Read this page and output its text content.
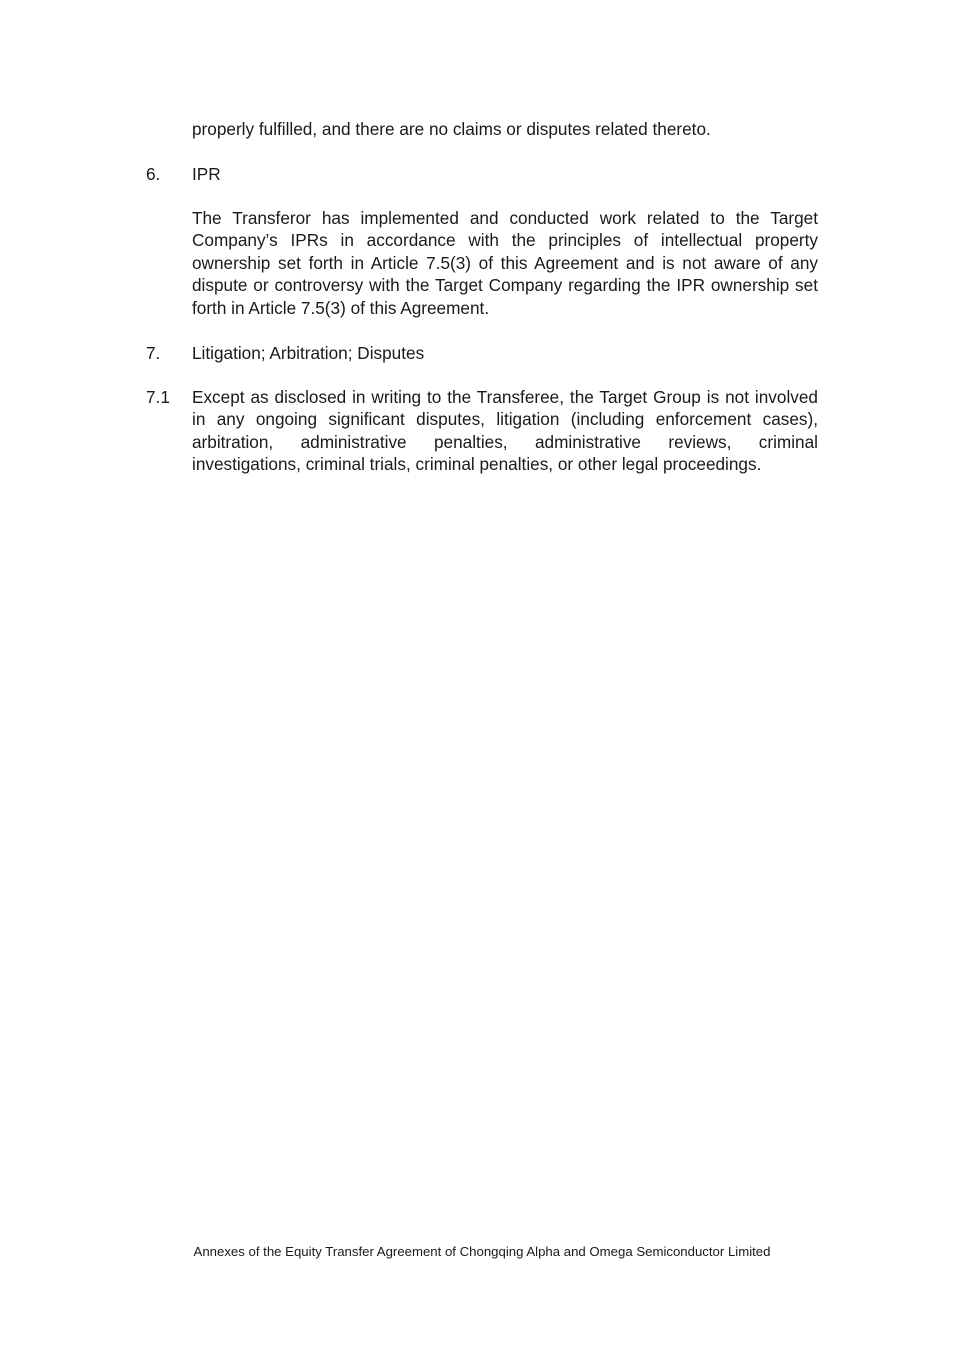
properly fulfilled, and there are no claims or disputes related thereto.

6. IPR

The Transferor has implemented and conducted work related to the Target Company’s IPRs in accordance with the principles of intellectual property ownership set forth in Article 7.5(3) of this Agreement and is not aware of any dispute or controversy with the Target Company regarding the IPR ownership set forth in Article 7.5(3) of this Agreement.

7. Litigation; Arbitration; Disputes
7.1 Except as disclosed in writing to the Transferee, the Target Group is not involved in any ongoing significant disputes, litigation (including enforcement cases), arbitration, administrative penalties, administrative reviews, criminal investigations, criminal trials, criminal penalties, or other legal proceedings.

Annexes of the Equity Transfer Agreement of Chongqing Alpha and Omega Semiconductor Limited
